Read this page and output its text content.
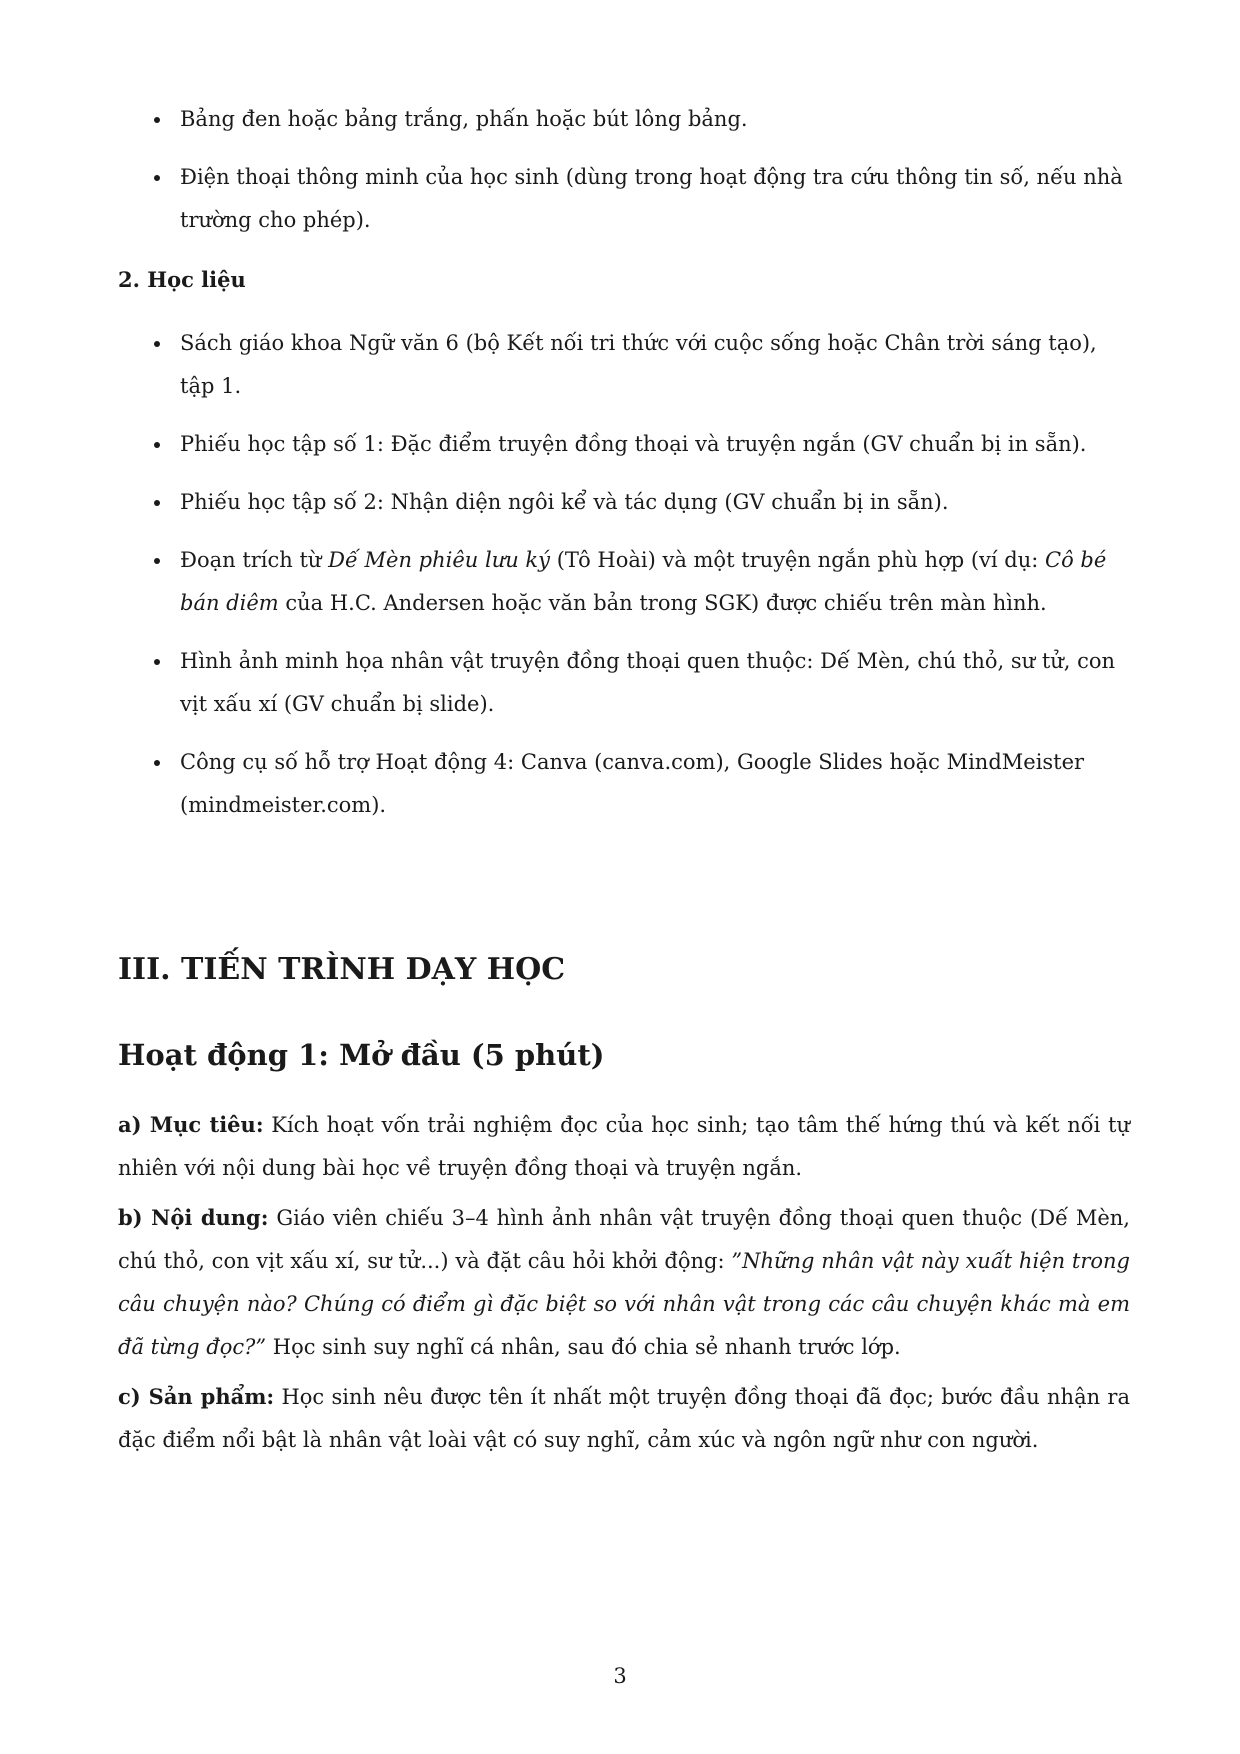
Bảng đen hoặc bảng trắng, phấn hoặc bút lông bảng.
Điện thoại thông minh của học sinh (dùng trong hoạt động tra cứu thông tin số, nếu nhà trường cho phép).

2. Học liệu

Sách giáo khoa Ngữ văn 6 (bộ Kết nối tri thức với cuộc sống hoặc Chân trời sáng tạo), tập 1.
Phiếu học tập số 1: Đặc điểm truyện đồng thoại và truyện ngắn (GV chuẩn bị in sẵn).
Phiếu học tập số 2: Nhận diện ngôi kể và tác dụng (GV chuẩn bị in sẵn).
Đoạn trích từ Dế Mèn phiêu lưu ký (Tô Hoài) và một truyện ngắn phù hợp (ví dụ: Cô bé bán diêm của H.C. Andersen hoặc văn bản trong SGK) được chiếu trên màn hình.
Hình ảnh minh họa nhân vật truyện đồng thoại quen thuộc: Dế Mèn, chú thỏ, sư tử, con vịt xấu xí (GV chuẩn bị slide).
Công cụ số hỗ trợ Hoạt động 4: Canva (canva.com), Google Slides hoặc MindMeister (mindmeister.com).
III. TIẾN TRÌNH DẠY HỌC
Hoạt động 1: Mở đầu (5 phút)

a) Mục tiêu: Kích hoạt vốn trải nghiệm đọc của học sinh; tạo tâm thế hứng thú và kết nối tự nhiên với nội dung bài học về truyện đồng thoại và truyện ngắn.

b) Nội dung: Giáo viên chiếu 3–4 hình ảnh nhân vật truyện đồng thoại quen thuộc (Dế Mèn, chú thỏ, con vịt xấu xí, sư tử...) và đặt câu hỏi khởi động: ”Những nhân vật này xuất hiện trong câu chuyện nào? Chúng có điểm gì đặc biệt so với nhân vật trong các câu chuyện khác mà em đã từng đọc?” Học sinh suy nghĩ cá nhân, sau đó chia sẻ nhanh trước lớp.

c) Sản phẩm: Học sinh nêu được tên ít nhất một truyện đồng thoại đã đọc; bước đầu nhận ra đặc điểm nổi bật là nhân vật loài vật có suy nghĩ, cảm xúc và ngôn ngữ như con người.

3
